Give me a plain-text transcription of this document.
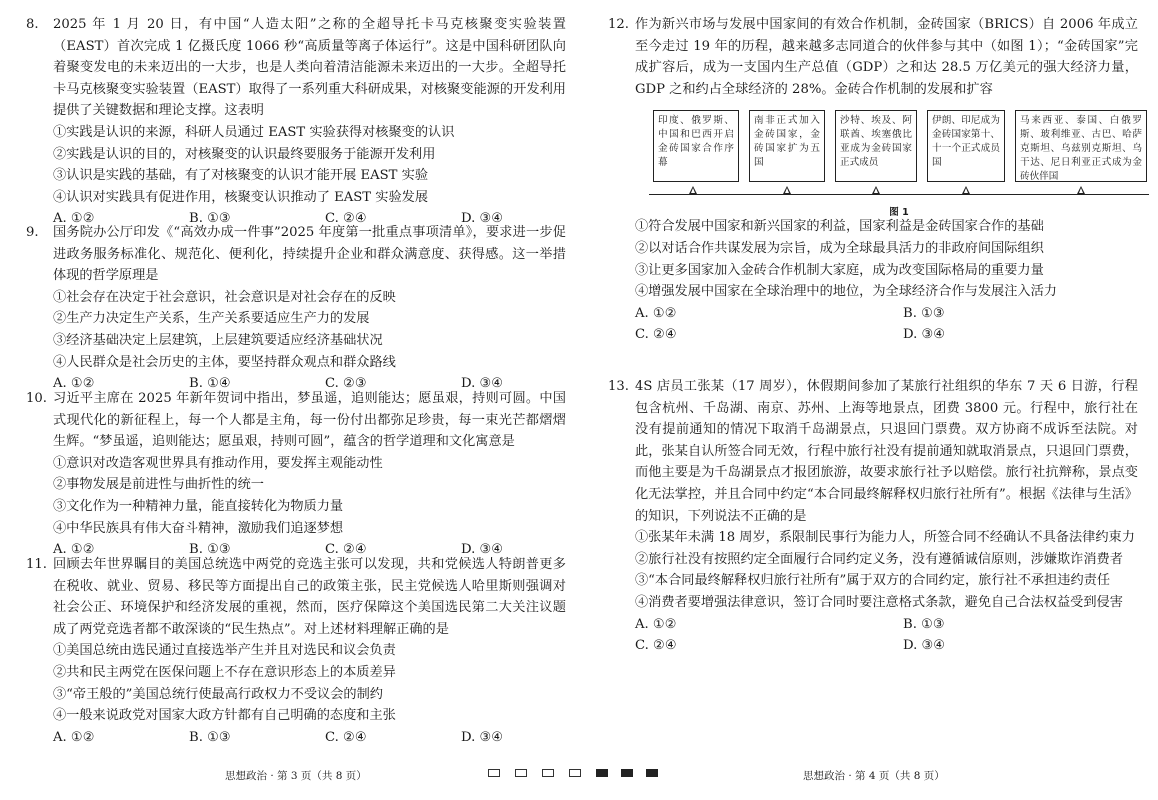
8. 2025 年 1 月 20 日，有中国“人造太阳”之称的全超导托卡马克核聚变实验装置（EAST）首次完成 1 亿摄氏度 1066 秒“高质量等离子体运行”。这是中国科研团队向着聚变发电的未来迈出的一大步，也是人类向着清洁能源未来迈出的一大步。全超导托卡马克核聚变实验装置（EAST）取得了一系列重大科研成果，对核聚变能源的开发利用提供了关键数据和理论支撑。这表明

①实践是认识的来源，科研人员通过 EAST 实验获得对核聚变的认识

②实践是认识的目的，对核聚变的认识最终要服务于能源开发利用

③认识是实践的基础，有了对核聚变的认识才能开展 EAST 实验

④认识对实践具有促进作用，核聚变认识推动了 EAST 实验发展

A. ①②	B. ①③	C. ②④	D. ③④
9. 国务院办公厅印发《“高效办成一件事”2025 年度第一批重点事项清单》，要求进一步促进政务服务标准化、规范化、便利化，持续提升企业和群众满意度、获得感。这一举措体现的哲学原理是

①社会存在决定于社会意识，社会意识是对社会存在的反映

②生产力决定生产关系，生产关系要适应生产力的发展

③经济基础决定上层建筑，上层建筑要适应经济基础状况

④人民群众是社会历史的主体，要坚持群众观点和群众路线

A. ①②	B. ①④	C. ②③	D. ③④
10. 习近平主席在 2025 年新年贺词中指出，梦虽遥，追则能达；愿虽艰，持则可圆。中国式现代化的新征程上，每一个人都是主角，每一份付出都弥足珍贵，每一束光芒都熠熠生辉。“梦虽遥，追则能达；愿虽艰，持则可圆”，蕴含的哲学道理和文化寓意是

①意识对改造客观世界具有推动作用，要发挥主观能动性

②事物发展是前进性与曲折性的统一

③文化作为一种精神力量，能直接转化为物质力量

④中华民族具有伟大奋斗精神，激励我们追逐梦想

A. ①②	B. ①③	C. ②④	D. ③④
11. 回顾去年世界瞩目的美国总统选中两党的竞选主张可以发现，共和党候选人特朗普更多在税收、就业、贸易、移民等方面提出自己的政策主张，民主党候选人哈里斯则强调对社会公正、环境保护和经济发展的重视，然而，医疗保障这个美国选民第二大关注议题成了两党竞选者都不敢深谈的“民生热点”。对上述材料理解正确的是

①美国总统由选民通过直接选举产生并且对选民和议会负责

②共和民主两党在医保问题上不存在意识形态上的本质差异

③“帝王般的”美国总统行使最高行政权力不受议会的制约

④一般来说政党对国家大政方针都有自己明确的态度和主张

A. ①②	B. ①③	C. ②④	D. ③④
12. 作为新兴市场与发展中国家间的有效合作机制，金砖国家（BRICS）自 2006 年成立至今走过 19 年的历程，越来越多志同道合的伙伴参与其中（如图 1）；“金砖国家”完成扩容后，成为一支国内生产总值（GDP）之和达 28.5 万亿美元的强大经济力量，GDP 之和约占全球经济的 28%。金砖合作机制的发展和扩容

印度、俄罗斯、中国和巴西开启金砖国家合作序幕
南非正式加入金砖国家，金砖国家扩为五国
沙特、埃及、阿联酋、埃塞俄比亚成为金砖国家正式成员
伊朗、印尼成为金砖国家第十、十一个正式成员国
马来西亚、泰国、白俄罗斯、玻利维亚、古巴、哈萨克斯坦、乌兹别克斯坦、乌干达、尼日利亚正式成为金砖伙伴国
图 1

①符合发展中国家和新兴国家的利益，国家利益是金砖国家合作的基础

②以对话合作共谋发展为宗旨，成为全球最具活力的非政府间国际组织

③让更多国家加入金砖合作机制大家庭，成为改变国际格局的重要力量

④增强发展中国家在全球治理中的地位，为全球经济合作与发展注入活力

A. ①②	B. ①③
C. ②④	D. ③④
13. 4S 店员工张某（17 周岁），休假期间参加了某旅行社组织的华东 7 天 6 日游，行程包含杭州、千岛湖、南京、苏州、上海等地景点，团费 3800 元。行程中，旅行社在没有提前通知的情况下取消千岛湖景点，只退回门票费。双方协商不成诉至法院。对此，张某自认所签合同无效，行程中旅行社没有提前通知就取消景点，只退回门票费，而他主要是为千岛湖景点才报团旅游，故要求旅行社予以赔偿。旅行社抗辩称，景点变化无法掌控，并且合同中约定“本合同最终解释权归旅行社所有”。根据《法律与生活》的知识，下列说法不正确的是

①张某年未满 18 周岁，系限制民事行为能力人，所签合同不经确认不具备法律约束力

②旅行社没有按照约定全面履行合同约定义务，没有遵循诚信原则，涉嫌欺诈消费者

③“本合同最终解释权归旅行社所有”属于双方的合同约定，旅行社不承担违约责任

④消费者要增强法律意识，签订合同时要注意格式条款，避免自己合法权益受到侵害

A. ①②	B. ①③
C. ②④	D. ③④
思想政治 · 第 3 页（共 8 页）	思想政治 · 第 4 页（共 8 页）
